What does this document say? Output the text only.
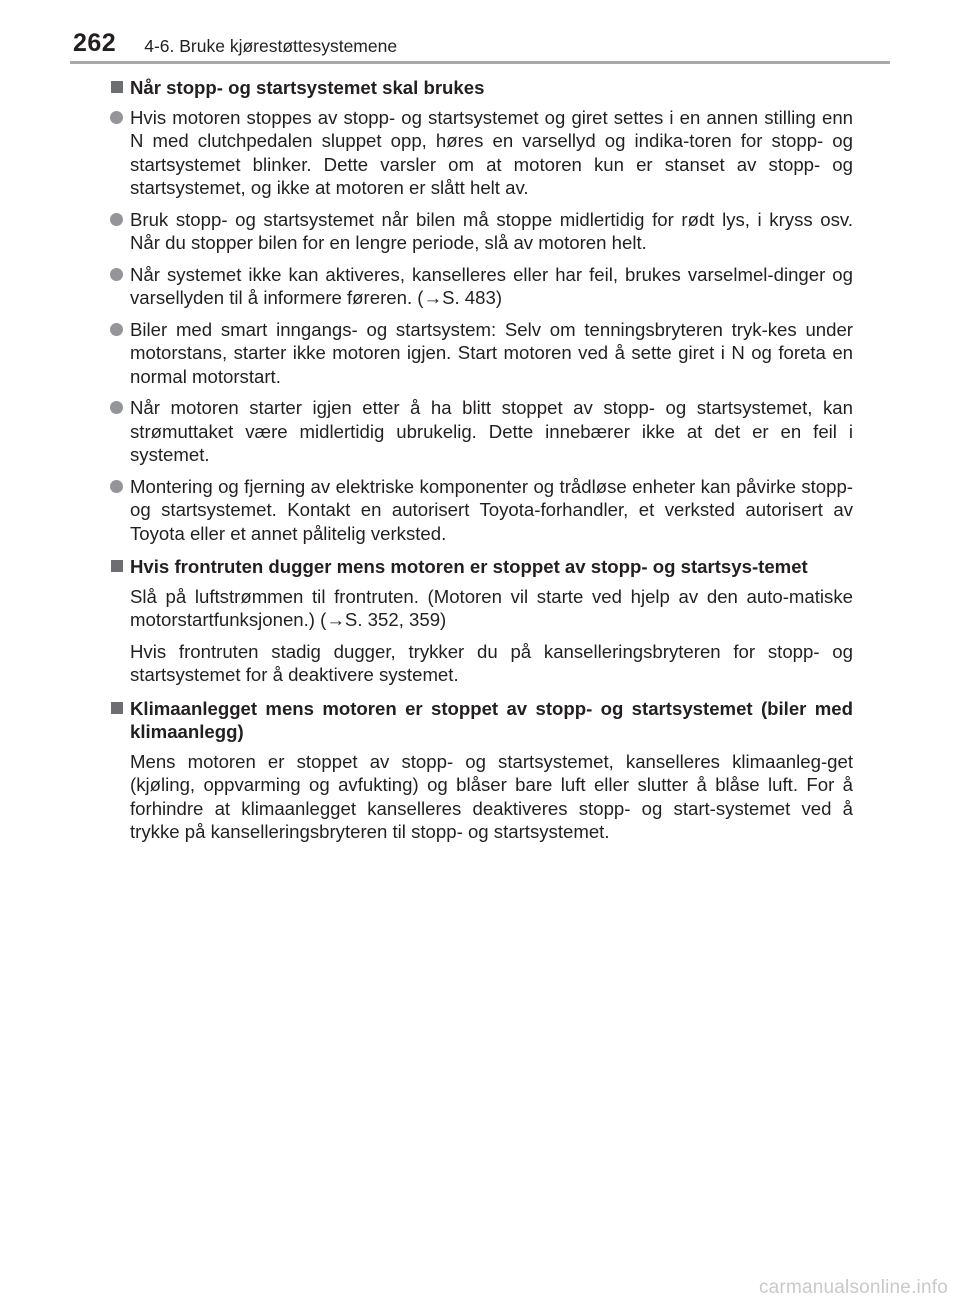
262 4-6. Bruke kjørestøttesystemene
Når stopp- og startsystemet skal brukes
Hvis motoren stoppes av stopp- og startsystemet og giret settes i en annen stilling enn N med clutchpedalen sluppet opp, høres en varsellyd og indika-toren for stopp- og startsystemet blinker. Dette varsler om at motoren kun er stanset av stopp- og startsystemet, og ikke at motoren er slått helt av.
Bruk stopp- og startsystemet når bilen må stoppe midlertidig for rødt lys, i kryss osv. Når du stopper bilen for en lengre periode, slå av motoren helt.
Når systemet ikke kan aktiveres, kanselleres eller har feil, brukes varselmel-dinger og varsellyden til å informere føreren. (→S. 483)
Biler med smart inngangs- og startsystem: Selv om tenningsbryteren tryk-kes under motorstans, starter ikke motoren igjen. Start motoren ved å sette giret i N og foreta en normal motorstart.
Når motoren starter igjen etter å ha blitt stoppet av stopp- og startsystemet, kan strømuttaket være midlertidig ubrukelig. Dette innebærer ikke at det er en feil i systemet.
Montering og fjerning av elektriske komponenter og trådløse enheter kan påvirke stopp- og startsystemet. Kontakt en autorisert Toyota-forhandler, et verksted autorisert av Toyota eller et annet pålitelig verksted.
Hvis frontruten dugger mens motoren er stoppet av stopp- og startsys-temet
Slå på luftstrømmen til frontruten. (Motoren vil starte ved hjelp av den auto-matiske motorstartfunksjonen.) (→S. 352, 359)
Hvis frontruten stadig dugger, trykker du på kanselleringsbryteren for stopp- og startsystemet for å deaktivere systemet.
Klimaanlegget mens motoren er stoppet av stopp- og startsystemet (biler med klimaanlegg)
Mens motoren er stoppet av stopp- og startsystemet, kanselleres klimaanleg-get (kjøling, oppvarming og avfukting) og blåser bare luft eller slutter å blåse luft. For å forhindre at klimaanlegget kanselleres deaktiveres stopp- og start-systemet ved å trykke på kanselleringsbryteren til stopp- og startsystemet.
carmanualsonline.info
